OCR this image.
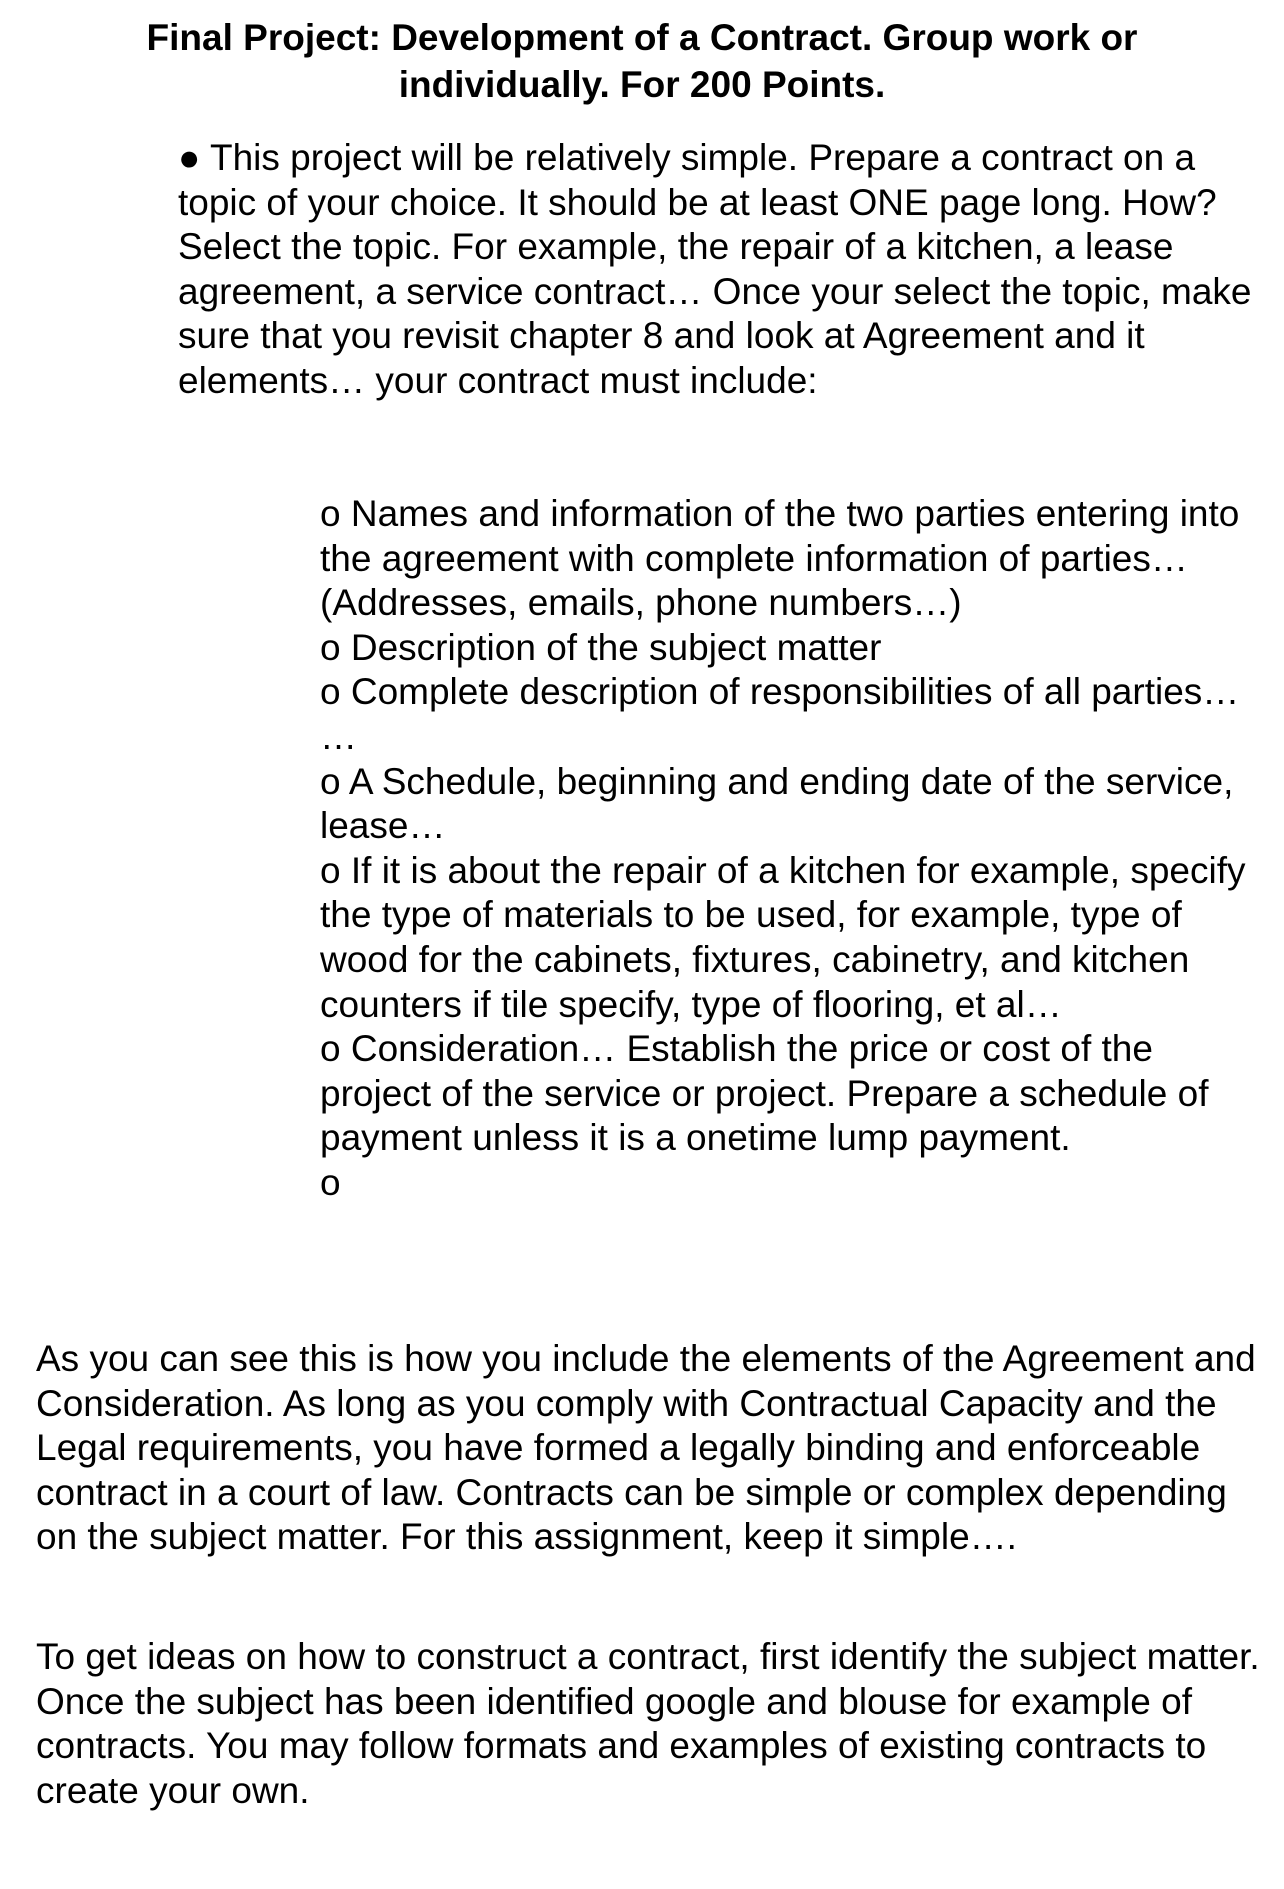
Final Project: Development of a Contract. Group work or individually. For 200 Points.

● This project will be relatively simple. Prepare a contract on a topic of your choice. It should be at least ONE page long. How? Select the topic. For example, the repair of a kitchen, a lease agreement, a service contract… Once your select the topic, make sure that you revisit chapter 8 and look at Agreement and it elements… your contract must include:

o Names and information of the two parties entering into the agreement with complete information of parties… (Addresses, emails, phone numbers…)
o Description of the subject matter
o Complete description of responsibilities of all parties… …
o A Schedule, beginning and ending date of the service, lease…
o If it is about the repair of a kitchen for example, specify the type of materials to be used, for example, type of wood for the cabinets, fixtures, cabinetry, and kitchen counters if tile specify, type of flooring, et al…
o Consideration… Establish the price or cost of the project of the service or project. Prepare a schedule of payment unless it is a onetime lump payment.
o

As you can see this is how you include the elements of the Agreement and Consideration. As long as you comply with Contractual Capacity and the Legal requirements, you have formed a legally binding and enforceable contract in a court of law. Contracts can be simple or complex depending on the subject matter. For this assignment, keep it simple….

To get ideas on how to construct a contract, first identify the subject matter. Once the subject has been identified google and blouse for example of contracts. You may follow formats and examples of existing contracts to create your own.
